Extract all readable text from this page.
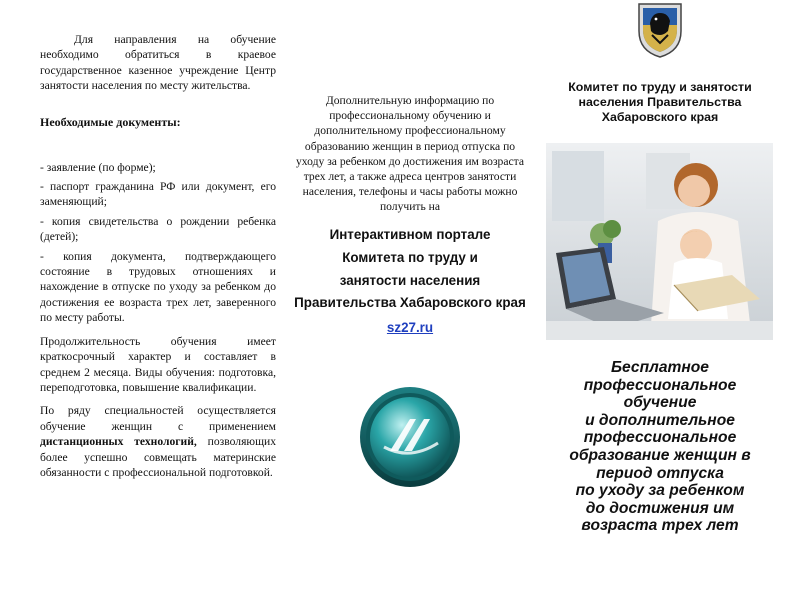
Для направления на обучение необходимо обратиться в краевое государственное казенное учреждение Центр занятости населения по месту жительства.

Необходимые документы:

- заявление (по форме);

- паспорт гражданина РФ или документ, его заменяющий;

- копия свидетельства о рождении ребенка (детей);

- копия документа, подтверждающего состояние в трудовых отношениях и нахождение в отпуске по уходу за ребенком до достижения ее возраста трех лет, заверенного по месту работы.

Продолжительность обучения имеет краткосрочный характер и составляет в среднем 2 месяца. Виды обучения: подготовка, переподготовка, повышение квалификации.

По ряду специальностей осуществляется обучение женщин с применением дистанционных технологий, позволяющих более успешно совмещать материнские обязанности с профессиональной подготовкой.

Дополнительную информацию по профессиональному обучению и дополнительному профессиональному образованию женщин в период отпуска по уходу за ребенком до достижения им возраста трех лет, а также адреса центров занятости населения, телефоны и часы работы можно получить на

Интерактивном портале

Комитета по труду и

занятости населения

Правительства Хабаровского края

sz27.ru

Комитет по труду и занятости населения Правительства Хабаровского края

Бесплатное

профессиональное

обучение

и дополнительное

профессиональное

образование женщин в

период отпуска

по уходу за ребенком

до достижения им

возраста трех лет
